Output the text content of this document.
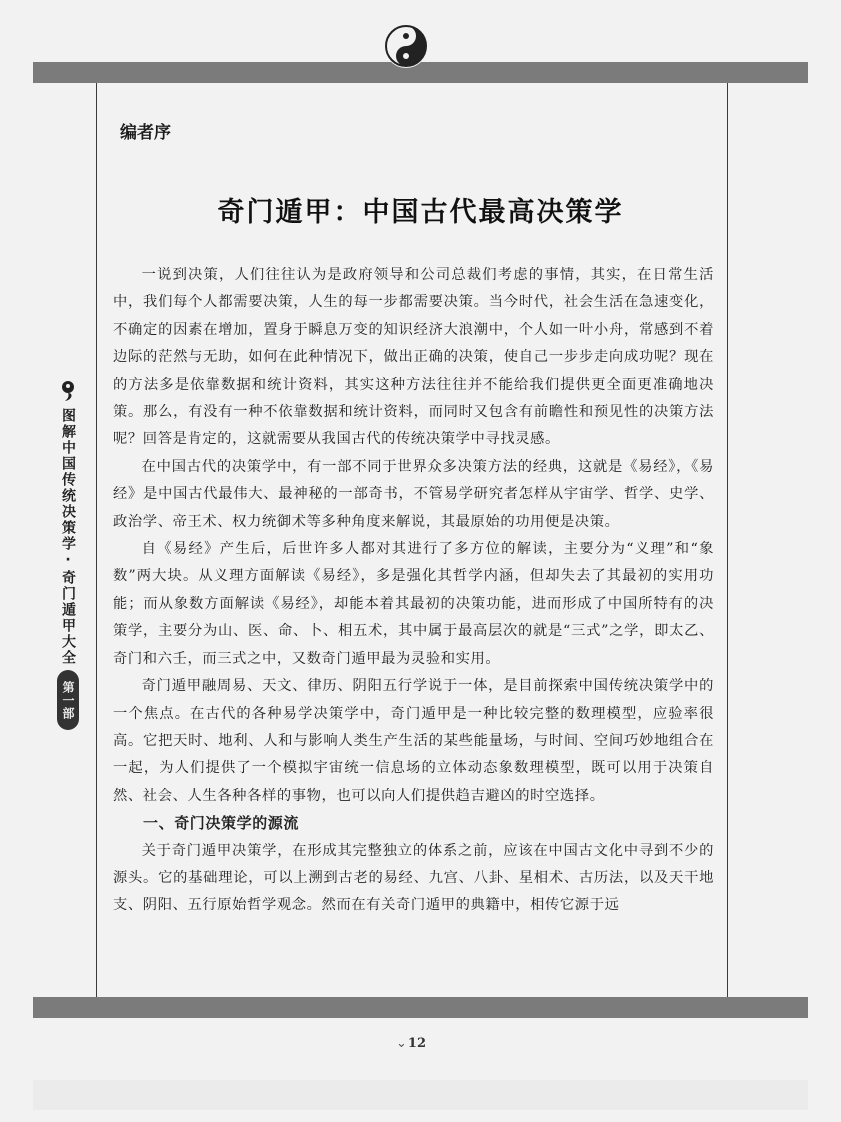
图解中国传统决策学·奇门遁甲大全
第一部
编者序
奇门遁甲：中国古代最高决策学

一说到决策，人们往往认为是政府领导和公司总裁们考虑的事情，其实，在日常生活中，我们每个人都需要决策，人生的每一步都需要决策。当今时代，社会生活在急速变化，不确定的因素在增加，置身于瞬息万变的知识经济大浪潮中，个人如一叶小舟，常感到不着边际的茫然与无助，如何在此种情况下，做出正确的决策，使自己一步步走向成功呢？现在的方法多是依靠数据和统计资料，其实这种方法往往并不能给我们提供更全面更准确地决策。那么，有没有一种不依靠数据和统计资料，而同时又包含有前瞻性和预见性的决策方法呢？回答是肯定的，这就需要从我国古代的传统决策学中寻找灵感。

在中国古代的决策学中，有一部不同于世界众多决策方法的经典，这就是《易经》，《易经》是中国古代最伟大、最神秘的一部奇书，不管易学研究者怎样从宇宙学、哲学、史学、政治学、帝王术、权力统御术等多种角度来解说，其最原始的功用便是决策。

自《易经》产生后，后世许多人都对其进行了多方位的解读，主要分为“义理”和“象数”两大块。从义理方面解读《易经》，多是强化其哲学内涵，但却失去了其最初的实用功能；而从象数方面解读《易经》，却能本着其最初的决策功能，进而形成了中国所特有的决策学，主要分为山、医、命、卜、相五术，其中属于最高层次的就是“三式”之学，即太乙、奇门和六壬，而三式之中，又数奇门遁甲最为灵验和实用。

奇门遁甲融周易、天文、律历、阴阳五行学说于一体，是目前探索中国传统决策学中的一个焦点。在古代的各种易学决策学中，奇门遁甲是一种比较完整的数理模型，应验率很高。它把天时、地利、人和与影响人类生产生活的某些能量场，与时间、空间巧妙地组合在一起，为人们提供了一个模拟宇宙统一信息场的立体动态象数理模型，既可以用于决策自然、社会、人生各种各样的事物，也可以向人们提供趋吉避凶的时空选择。

一、奇门决策学的源流

关于奇门遁甲决策学，在形成其完整独立的体系之前，应该在中国古文化中寻到不少的源头。它的基础理论，可以上溯到古老的易经、九宫、八卦、星相术、古历法，以及天干地支、阴阳、五行原始哲学观念。然而在有关奇门遁甲的典籍中，相传它源于远

⌄12
